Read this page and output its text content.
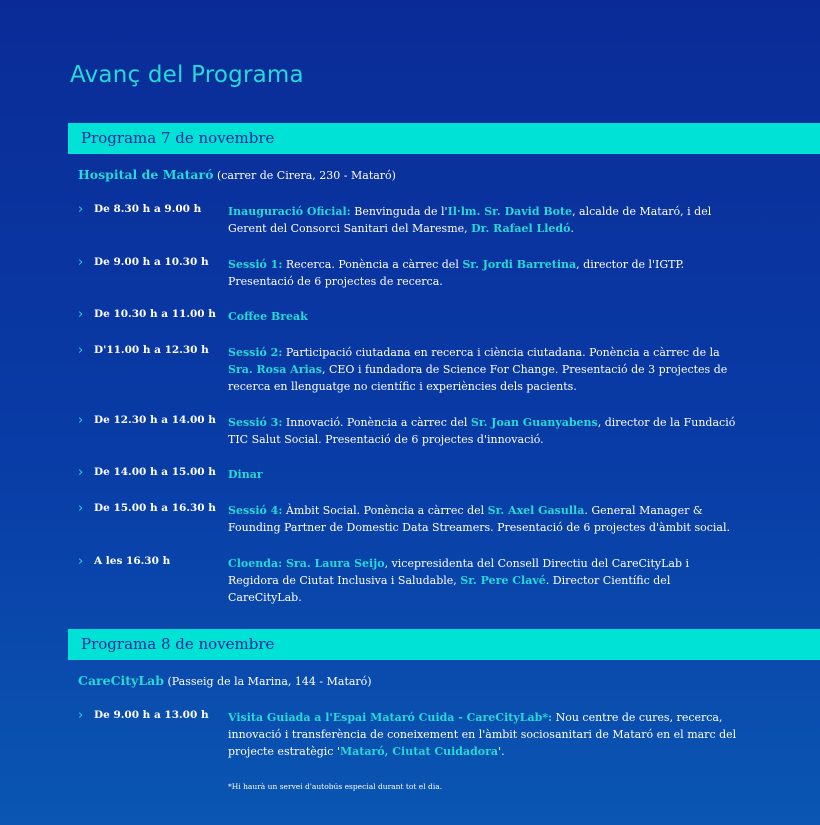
Avanç del Programa
Programa 7 de novembre
Hospital de Mataró (carrer de Cirera, 230 - Mataró)
› De 8.30 h a 9.00 h Inauguració Oficial: Benvinguda de l'Il·lm. Sr. David Bote, alcalde de Mataró, i del Gerent del Consorci Sanitari del Maresme, Dr. Rafael Lledó.
› De 9.00 h a 10.30 h Sessió 1: Recerca. Ponència a càrrec del Sr. Jordi Barretina, director de l'IGTP. Presentació de 6 projectes de recerca.
› De 10.30 h a 11.00 h Coffee Break
› D'11.00 h a 12.30 h Sessió 2: Participació ciutadana en recerca i ciència ciutadana. Ponència a càrrec de la Sra. Rosa Arias, CEO i fundadora de Science For Change. Presentació de 3 projectes de recerca en llenguatge no científic i experiències dels pacients.
› De 12.30 h a 14.00 h Sessió 3: Innovació. Ponència a càrrec del Sr. Joan Guanyabens, director de la Fundació TIC Salut Social. Presentació de 6 projectes d'innovació.
› De 14.00 h a 15.00 h Dinar
› De 15.00 h a 16.30 h Sessió 4: Àmbit Social. Ponència a càrrec del Sr. Axel Gasulla. General Manager & Founding Partner de Domestic Data Streamers. Presentació de 6 projectes d'àmbit social.
› A les 16.30 h	Cloenda: Sra. Laura Seijo, vicepresidenta del Consell Directiu del CareCityLab i Regidora de Ciutat Inclusiva i Saludable, Sr. Pere Clavé. Director Científic del CareCityLab.
Programa 8 de novembre
CareCityLab (Passeig de la Marina, 144 - Mataró)
› De 9.00 h a 13.00 h Visita Guiada a l'Espai Mataró Cuida - CareCityLab*: Nou centre de cures, recerca, innovació i transferència de coneixement en l'àmbit sociosanitari de Mataró en el marc del projecte estratègic 'Mataró, Ciutat Cuidadora'.
*Hi haurà un servei d'autobús especial durant tot el dia.
